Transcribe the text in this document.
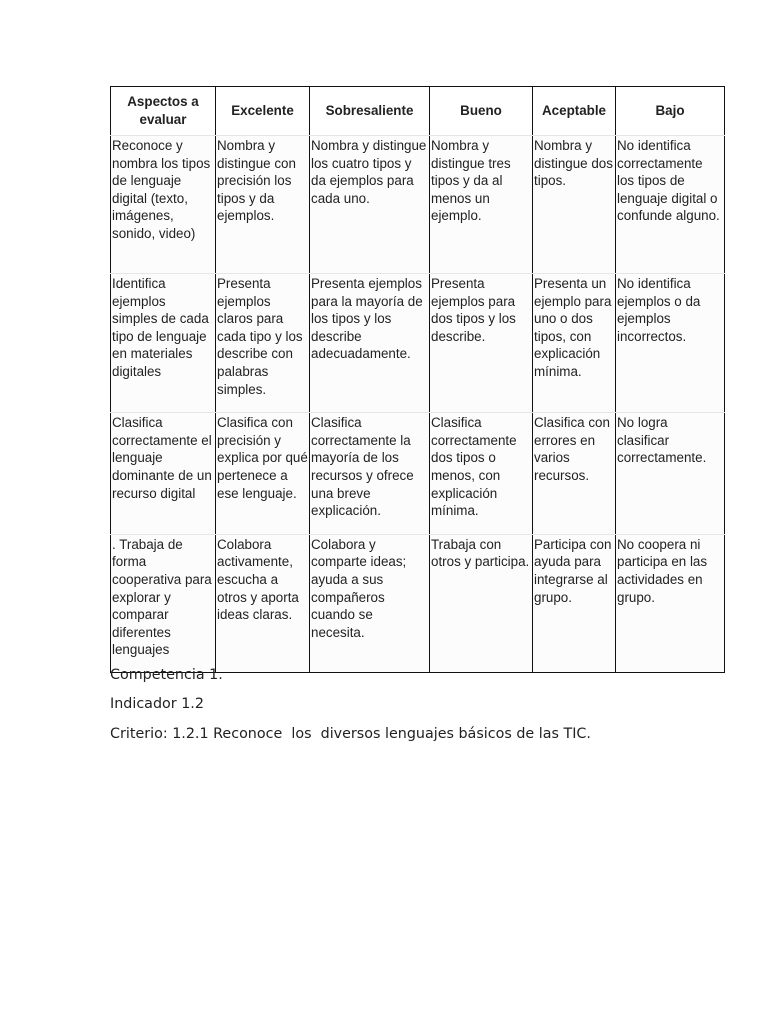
Aspectos a evaluar	Excelente	Sobresaliente	Bueno	Aceptable	Bajo
Reconoce y nombra los tipos de lenguaje digital (texto, imágenes, sonido, video)	Nombra y distingue con precisión los tipos y da ejemplos.	Nombra y distingue los cuatro tipos y da ejemplos para cada uno.	Nombra y distingue tres tipos y da al menos un ejemplo.	Nombra y distingue dos tipos.	No identifica correctamente los tipos de lenguaje digital o confunde alguno.
Identifica ejemplos simples de cada tipo de lenguaje en materiales digitales	Presenta ejemplos claros para cada tipo y los describe con palabras simples.	Presenta ejemplos para la mayoría de los tipos y los describe adecuadamente.	Presenta ejemplos para dos tipos y los describe.	Presenta un ejemplo para uno o dos tipos, con explicación mínima.	No identifica ejemplos o da ejemplos incorrectos.
Clasifica correctamente el lenguaje dominante de un recurso digital	Clasifica con precisión y explica por qué pertenece a ese lenguaje.	Clasifica correctamente la mayoría de los recursos y ofrece una breve explicación.	Clasifica correctamente dos tipos o menos, con explicación mínima.	Clasifica con errores en varios recursos.	No logra clasificar correctamente.
. Trabaja de forma cooperativa para explorar y comparar diferentes lenguajes	Colabora activamente, escucha a otros y aporta ideas claras.	Colabora y comparte ideas; ayuda a sus compañeros cuando se necesita.	Trabaja con otros y participa.	Participa con ayuda para integrarse al grupo.	No coopera ni participa en las actividades en grupo.

Competencia 1.

Indicador 1.2

Criterio: 1.2.1 Reconoce  los  diversos lenguajes básicos de las TIC.
